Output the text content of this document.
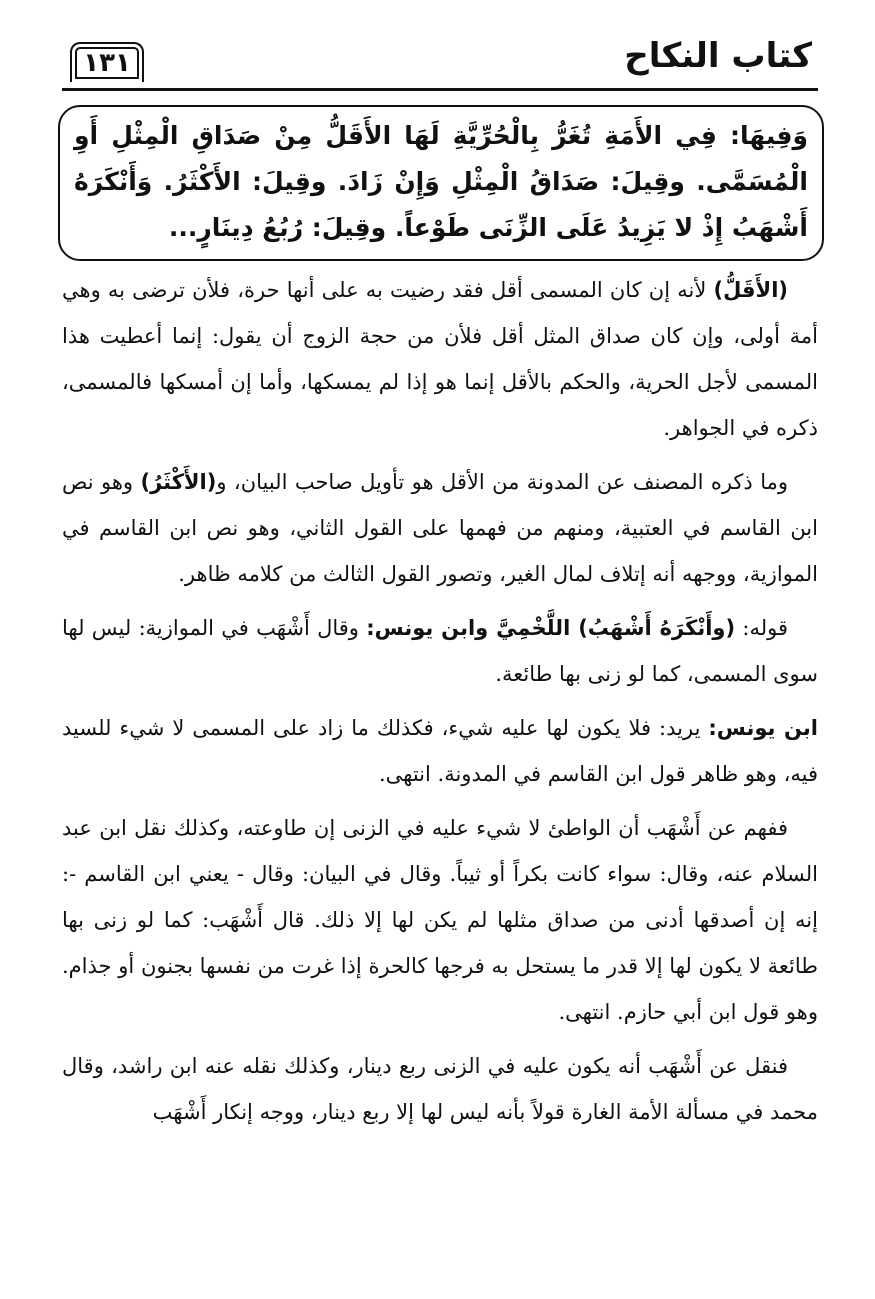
كتاب النكاح
١٣١
وَفِيهَا: فِي الأَمَةِ تُغَرُّ بِالْحُرِّيَّةِ لَهَا الأَقَلُّ مِنْ صَدَاقِ الْمِثْلِ أَوِ الْمُسَمَّى. وقِيلَ: صَدَاقُ الْمِثْلِ وَإِنْ زَادَ. وقِيلَ: الأَكْثَرُ. وَأَنْكَرَهُ أَشْهَبُ إِذْ لا يَزِيدُ عَلَى الزِّنَى طَوْعاً. وقِيلَ: رُبُعُ دِينَارٍ...

(الأَقَلُّ) لأنه إن كان المسمى أقل فقد رضيت به على أنها حرة، فلأن ترضى به وهي أمة أولى، وإن كان صداق المثل أقل فلأن من حجة الزوج أن يقول: إنما أعطيت هذا المسمى لأجل الحرية، والحكم بالأقل إنما هو إذا لم يمسكها، وأما إن أمسكها فالمسمى، ذكره في الجواهر.

وما ذكره المصنف عن المدونة من الأقل هو تأويل صاحب البيان، و(الأَكْثَرُ) وهو نص ابن القاسم في العتبية، ومنهم من فهمها على القول الثاني، وهو نص ابن القاسم في الموازية، ووجهه أنه إتلاف لمال الغير، وتصور القول الثالث من كلامه ظاهر.

قوله: (وأَنْكَرَهُ أَشْهَبُ) اللَّخْمِيَّ وابن يونس: وقال أَشْهَب في الموازية: ليس لها سوى المسمى، كما لو زنى بها طائعة.

ابن يونس: يريد: فلا يكون لها عليه شيء، فكذلك ما زاد على المسمى لا شيء للسيد فيه، وهو ظاهر قول ابن القاسم في المدونة. انتهى.

ففهم عن أَشْهَب أن الواطئ لا شيء عليه في الزنى إن طاوعته، وكذلك نقل ابن عبد السلام عنه، وقال: سواء كانت بكراً أو ثيباً. وقال في البيان: وقال - يعني ابن القاسم -: إنه إن أصدقها أدنى من صداق مثلها لم يكن لها إلا ذلك. قال أَشْهَب: كما لو زنى بها طائعة لا يكون لها إلا قدر ما يستحل به فرجها كالحرة إذا غرت من نفسها بجنون أو جذام. وهو قول ابن أبي حازم. انتهى.

فنقل عن أَشْهَب أنه يكون عليه في الزنى ربع دينار، وكذلك نقله عنه ابن راشد، وقال محمد في مسألة الأمة الغارة قولاً بأنه ليس لها إلا ربع دينار، ووجه إنكار أَشْهَب
